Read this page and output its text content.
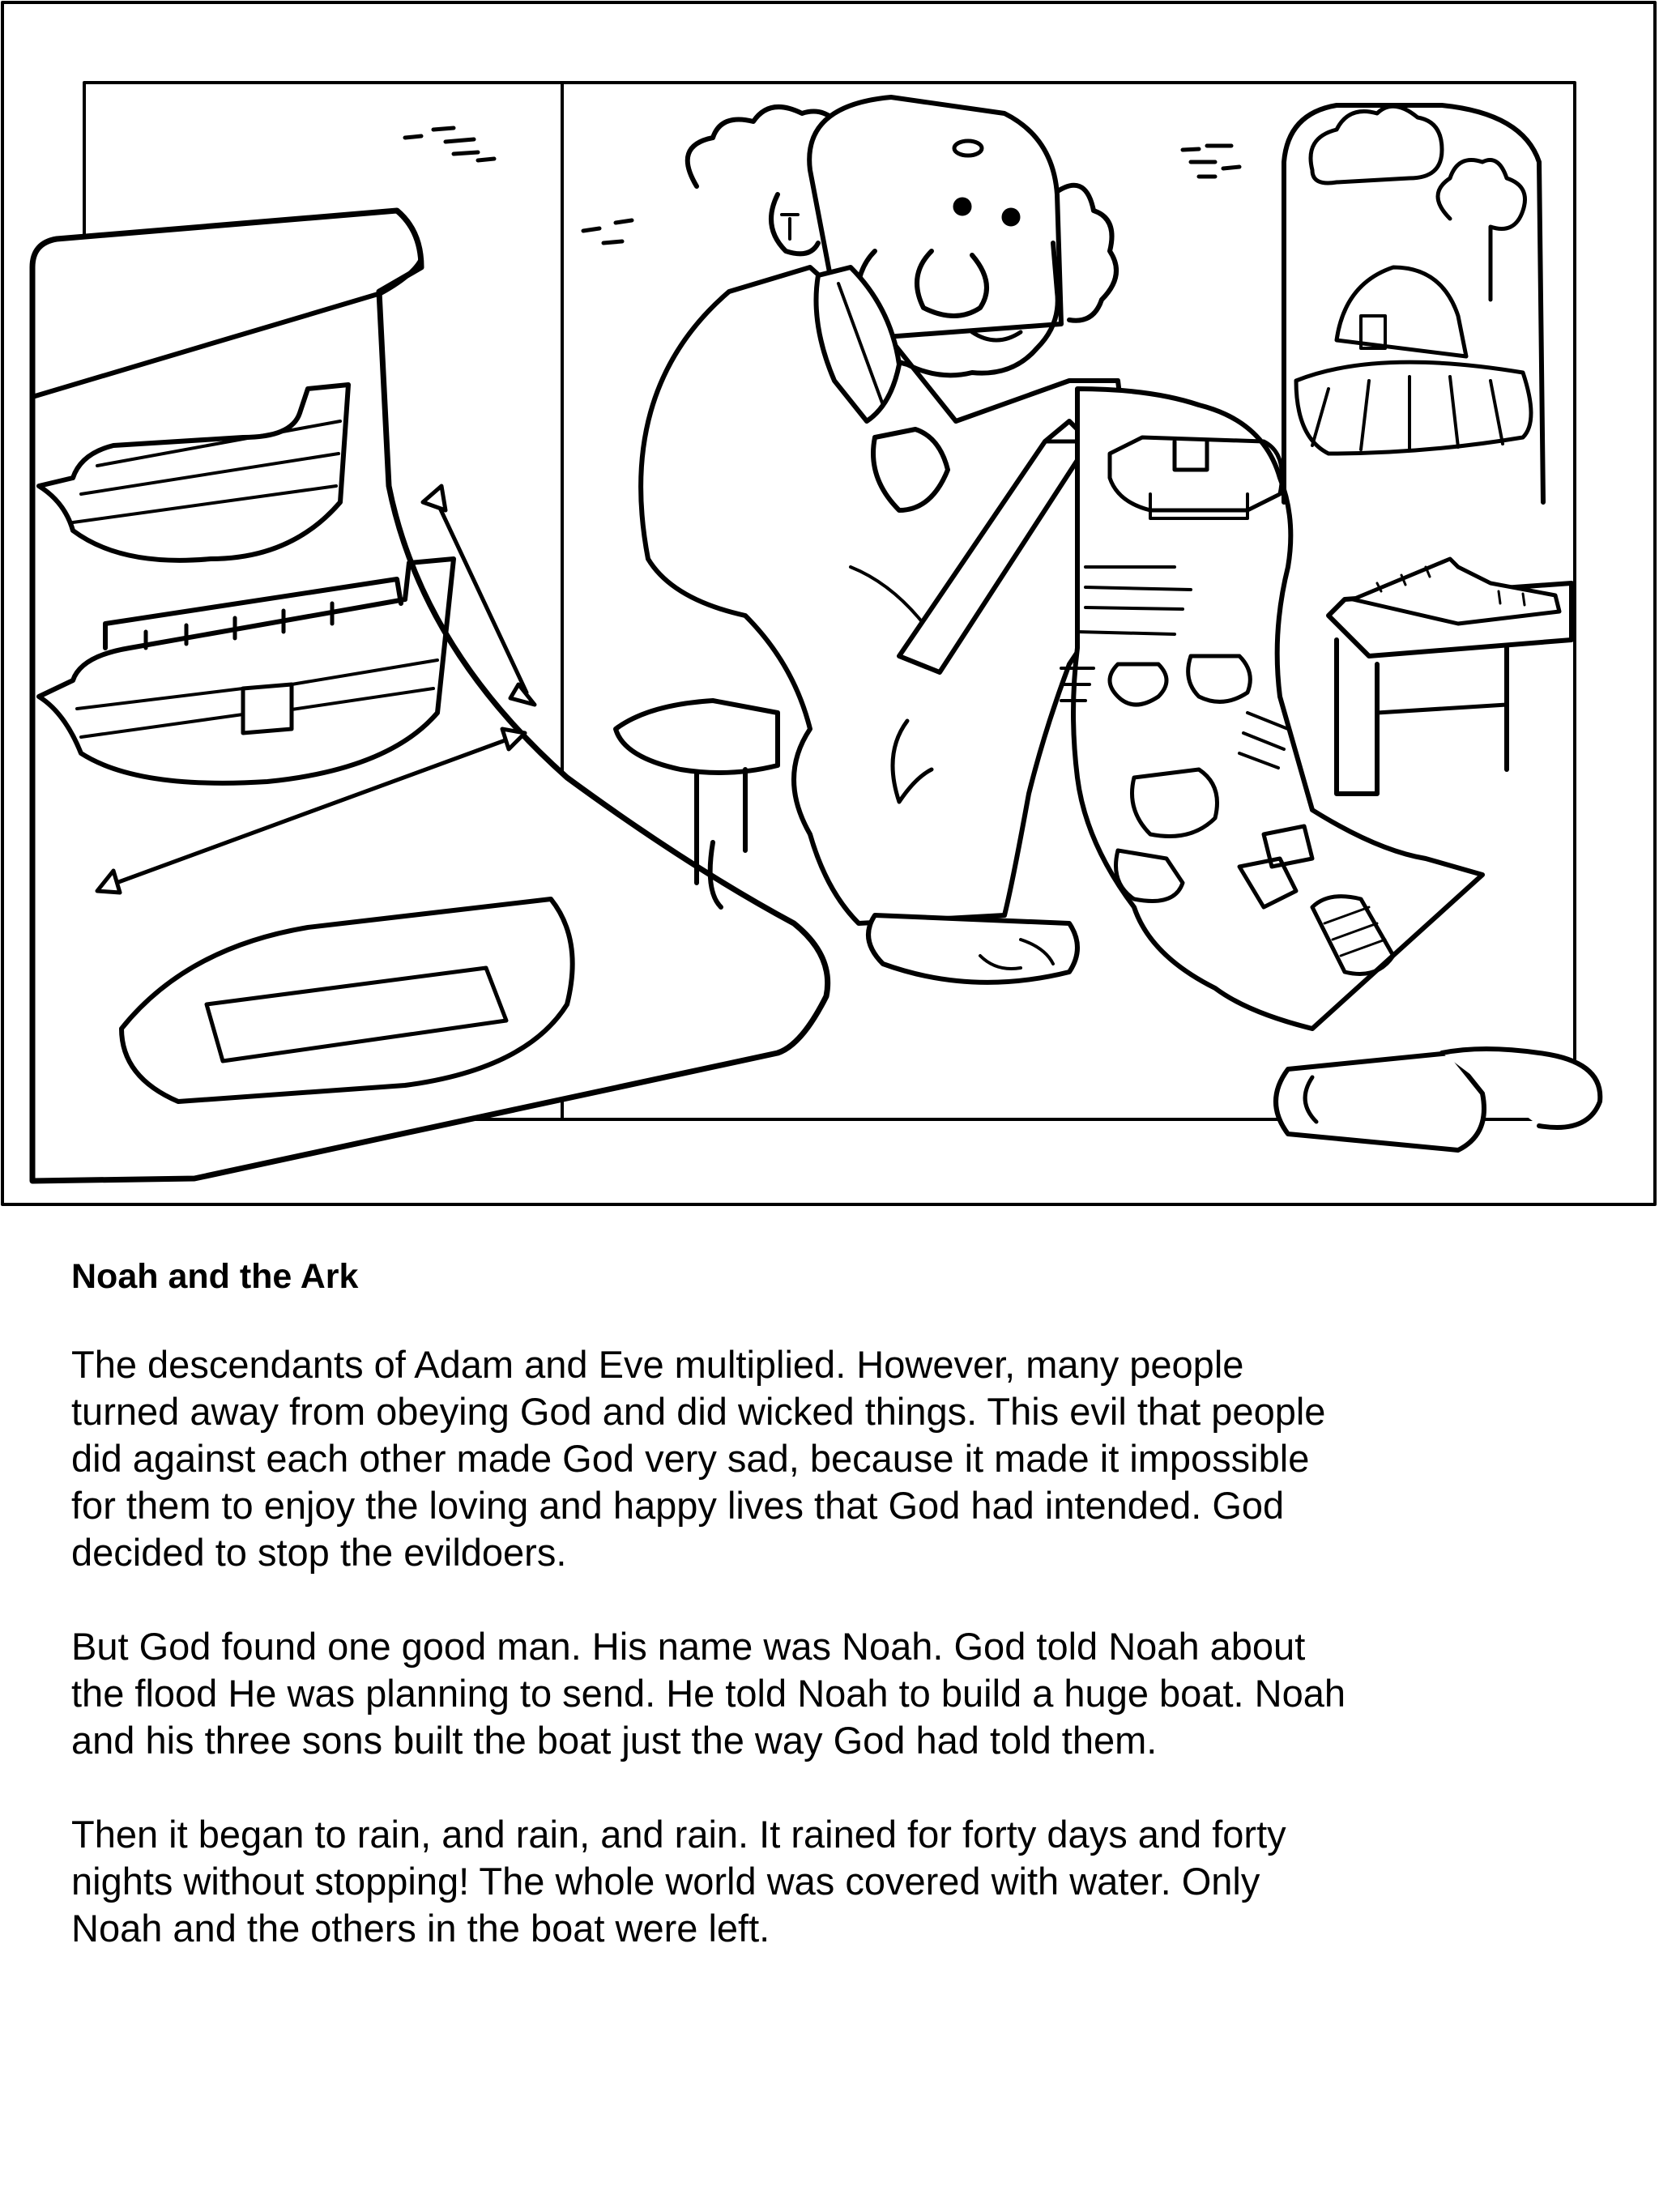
Noah and the Ark
The descendants of Adam and Eve multiplied. However, many people
turned away from obeying God and did wicked things. This evil that people
did against each other made God very sad, because it made it impossible
for them to enjoy the loving and happy lives that God had intended. God
decided to stop the evildoers.
But God found one good man. His name was Noah. God told Noah about
the flood He was planning to send. He told Noah to build a huge boat. Noah
and his three sons built the boat just the way God had told them.
Then it began to rain, and rain, and rain. It rained for forty days and forty
nights without stopping! The whole world was covered with water. Only
Noah and the others in the boat were left.
